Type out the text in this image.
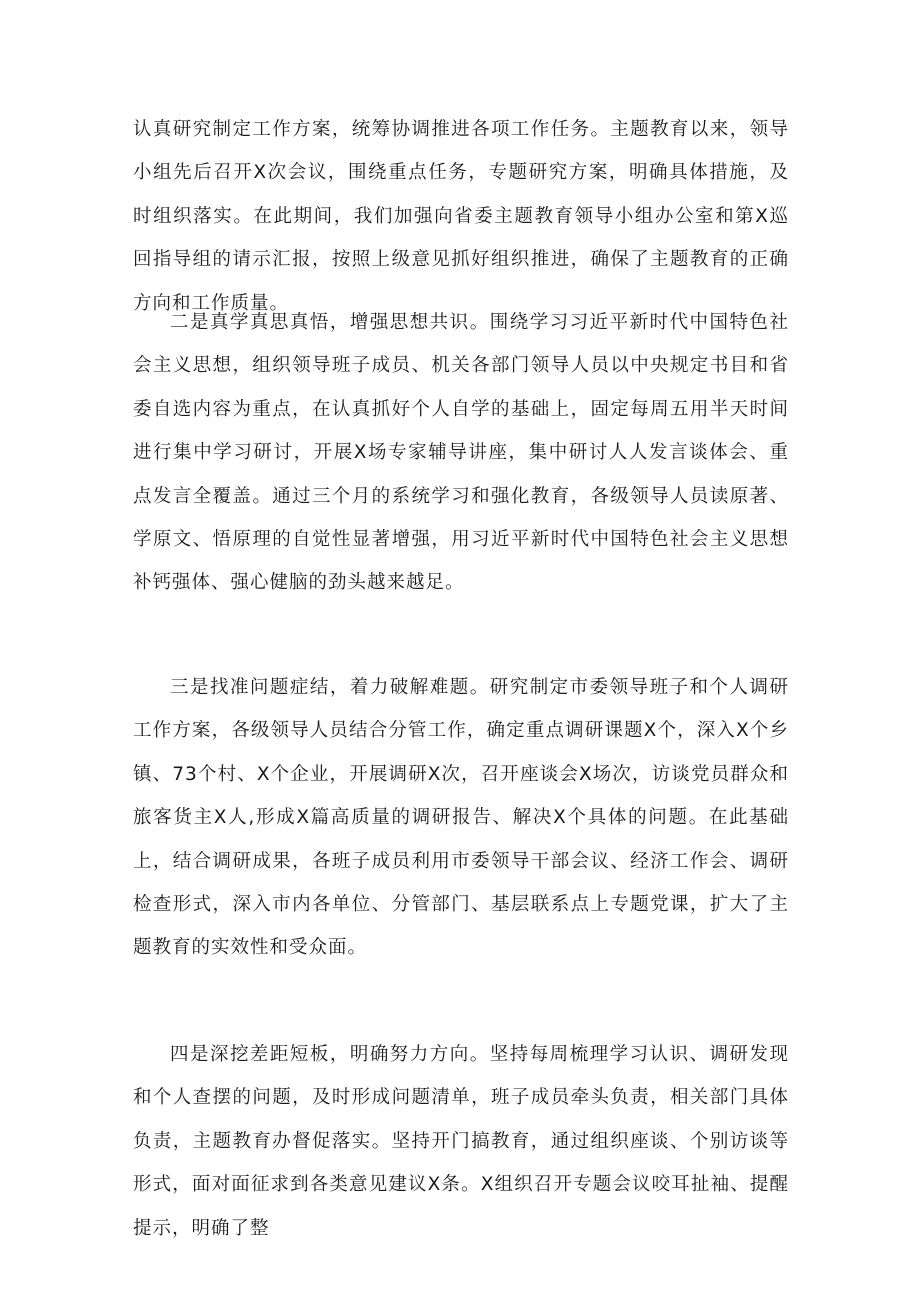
认真研究制定工作方案，统筹协调推进各项工作任务。主题教育以来，领导小组先后召开X次会议，围绕重点任务，专题研究方案，明确具体措施，及时组织落实。在此期间，我们加强向省委主题教育领导小组办公室和第X巡回指导组的请示汇报，按照上级意见抓好组织推进，确保了主题教育的正确方向和工作质量。

二是真学真思真悟，增强思想共识。围绕学习习近平新时代中国特色社会主义思想，组织领导班子成员、机关各部门领导人员以中央规定书目和省委自选内容为重点，在认真抓好个人自学的基础上，固定每周五用半天时间进行集中学习研讨，开展X场专家辅导讲座，集中研讨人人发言谈体会、重点发言全覆盖。通过三个月的系统学习和强化教育，各级领导人员读原著、学原文、悟原理的自觉性显著增强，用习近平新时代中国特色社会主义思想补钙强体、强心健脑的劲头越来越足。

三是找准问题症结，着力破解难题。研究制定市委领导班子和个人调研工作方案，各级领导人员结合分管工作，确定重点调研课题X个，深入X个乡镇、73个村、X个企业，开展调研X次，召开座谈会X场次，访谈党员群众和旅客货主X人,形成X篇高质量的调研报告、解决X个具体的问题。在此基础上，结合调研成果，各班子成员利用市委领导干部会议、经济工作会、调研检查形式，深入市内各单位、分管部门、基层联系点上专题党课，扩大了主题教育的实效性和受众面。

四是深挖差距短板，明确努力方向。坚持每周梳理学习认识、调研发现和个人查摆的问题，及时形成问题清单，班子成员牵头负责，相关部门具体负责，主题教育办督促落实。坚持开门搞教育，通过组织座谈、个别访谈等形式，面对面征求到各类意见建议X条。X组织召开专题会议咬耳扯袖、提醒提示，明确了整
